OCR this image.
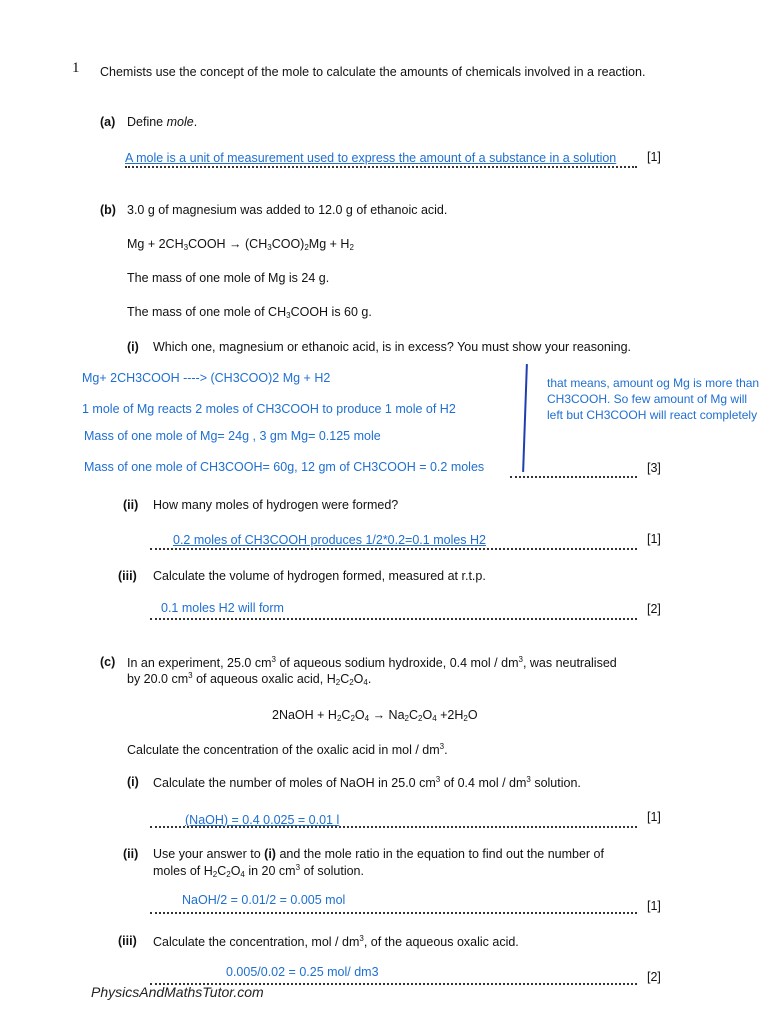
1 Chemists use the concept of the mole to calculate the amounts of chemicals involved in a reaction.
(a) Define mole.
A mole is a unit of measurement used to express the amount of a substance in a solution [1]
(b) 3.0 g of magnesium was added to 12.0 g of ethanoic acid.
$Mg + 2CH_3COOH \to (CH_3COO)_2Mg + H_2$
The mass of one mole of Mg is 24 g.
The mass of one mole of $CH_3COOH$ is 60 g.
(i) Which one, magnesium or ethanoic acid, is in excess? You must show your reasoning.
Mg+ 2CH3COOH ----> (CH3COO)2 Mg + H2
1 mole of Mg reacts 2 moles of CH3COOH to produce 1 mole of H2
Mass of one mole of Mg= 24g , 3 gm Mg= 0.125 mole
Mass of one mole of CH3COOH= 60g, 12 gm of CH3COOH = 0.2 moles
that means, amount og Mg is more than CH3COOH. So few amount of Mg will left but CH3COOH will react completely
[3]
(ii) How many moles of hydrogen were formed?
0.2 moles of CH3COOH produces 1/2*0.2=0.1 moles H2	[1]
(iii) Calculate the volume of hydrogen formed, measured at r.t.p.
0.1 moles H2 will form	[2]
(c) In an experiment, 25.0 $cm^3$ of aqueous sodium hydroxide, 0.4 mol / $dm^3$, was neutralised
by 20.0 $cm^3$ of aqueous oxalic acid, $H_2C_2O_4$.
2NaOH + $H_2C_2O_4 \to Na_2C_2O_4 +2H_2O$
Calculate the concentration of the oxalic acid in mol / $dm^3$.
(i) Calculate the number of moles of NaOH in 25.0 $cm^3$ of 0.4 mol / $dm^3$ solution.
(NaOH) = 0.4 0.025 = 0.01 l	[1]
(ii) Use your answer to (i) and the mole ratio in the equation to find out the number of
moles of $H_2C_2O_4$ in 20 $cm^3$ of solution.
NaOH/2 = 0.01/2 = 0.005 mol	[1]
(iii) Calculate the concentration, mol / $dm^3$, of the aqueous oxalic acid.
0.005/0.02 = 0.25 mol/ dm3	[2]
PhysicsAndMathsTutor.com
